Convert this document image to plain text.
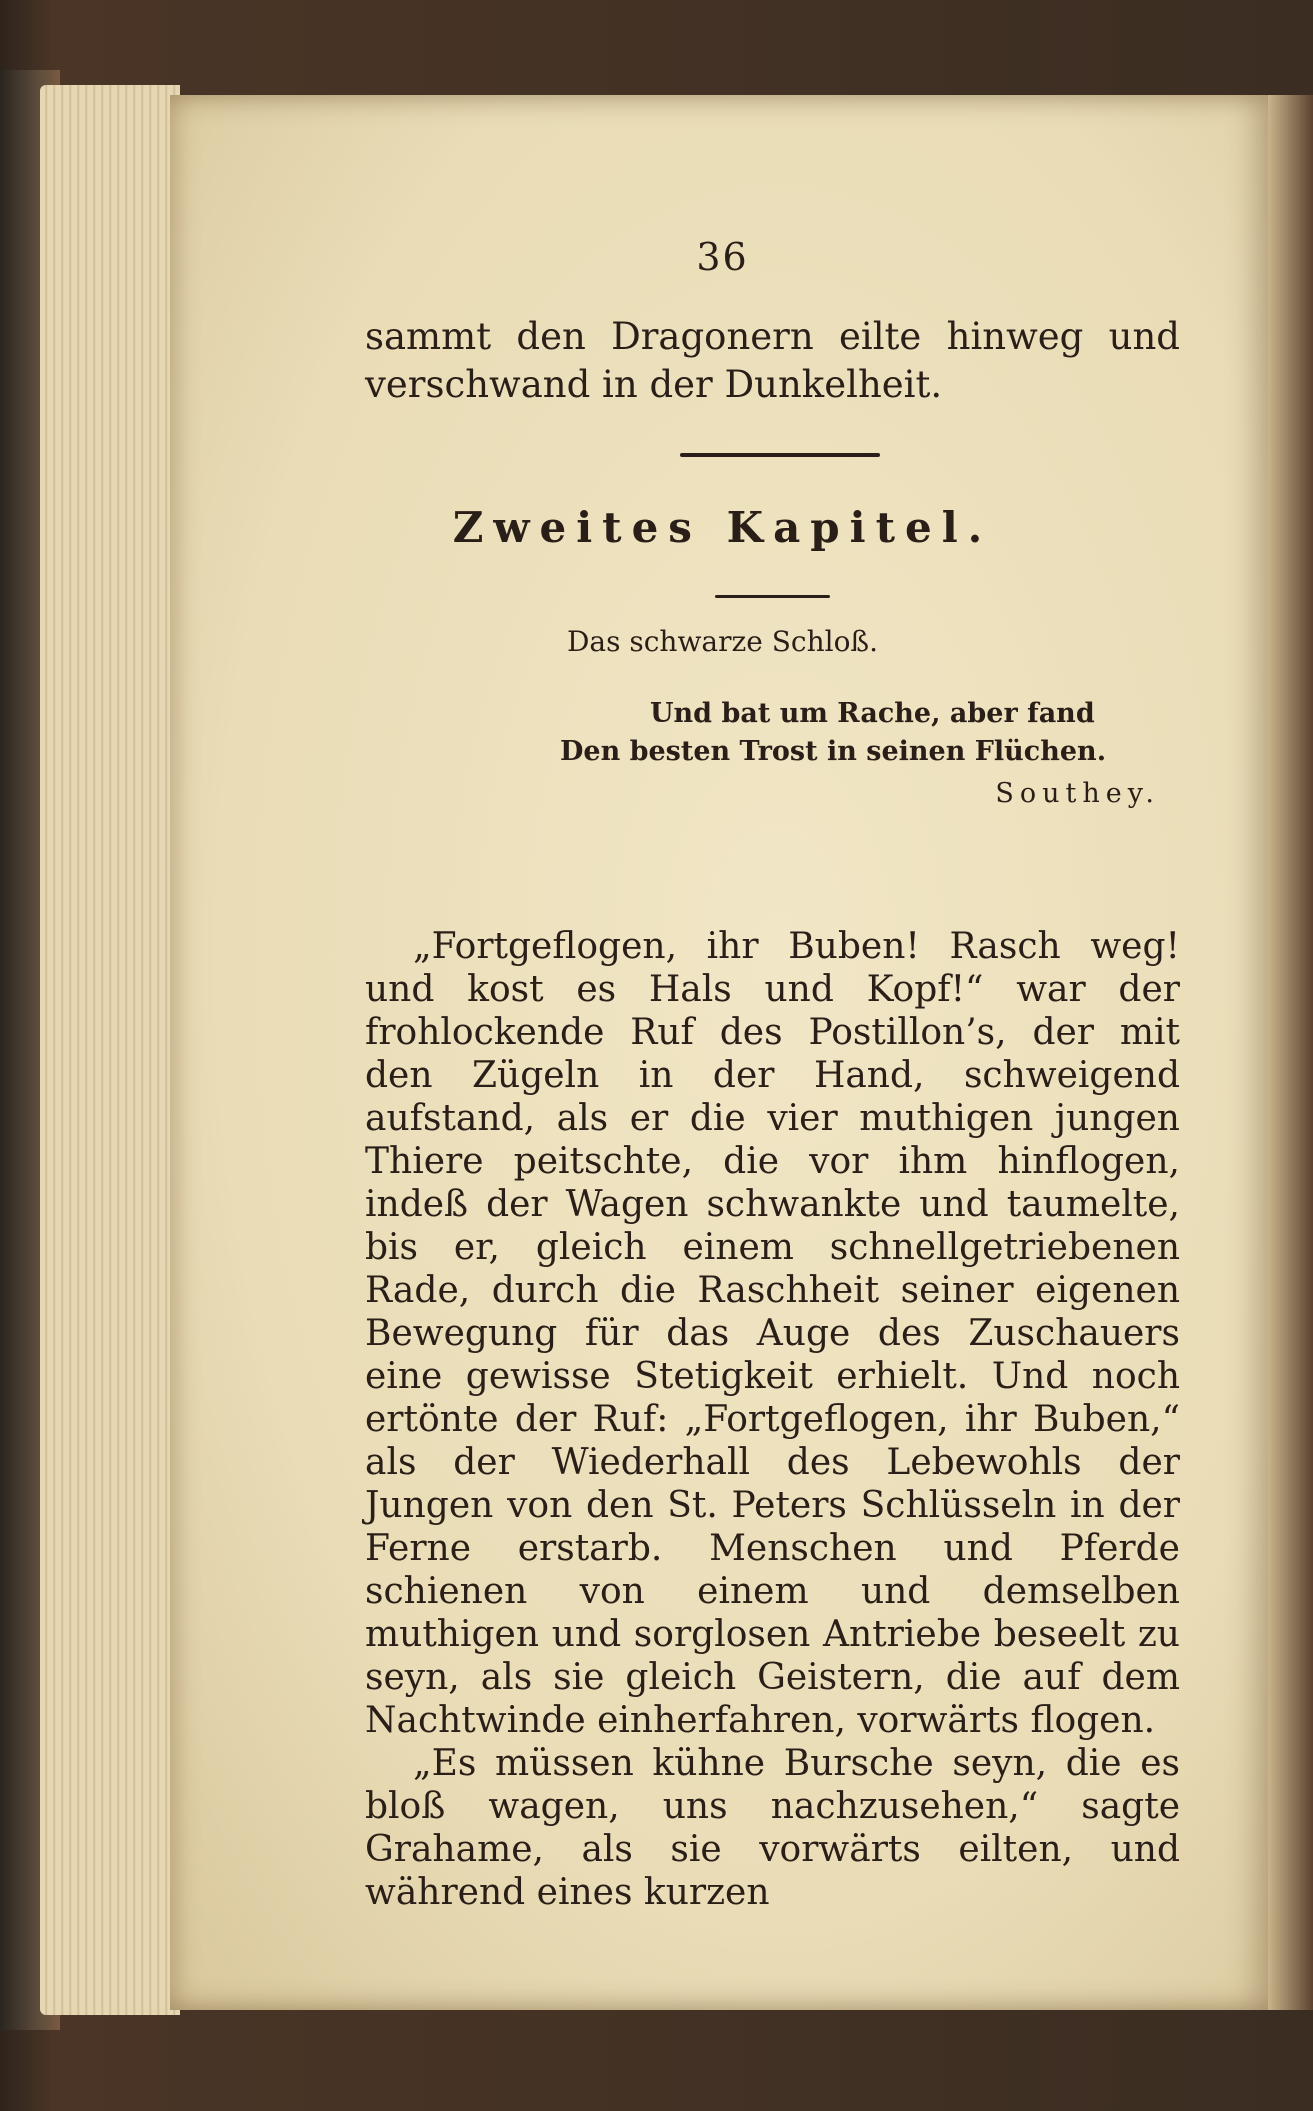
36
sammt den Dragonern eilte hinweg und verschwand in der Dunkelheit.
Zweites Kapitel.
Das schwarze Schloß.
Und bat um Rache, aber fand
Den besten Trost in seinen Flüchen.
Southey.

„Fortgeflogen, ihr Buben! Rasch weg! und kost es Hals und Kopf!“ war der frohlockende Ruf des Postillon’s, der mit den Zügeln in der Hand, schweigend aufstand, als er die vier muthigen jungen Thiere peitschte, die vor ihm hinflogen, indeß der Wagen schwankte und taumelte, bis er, gleich einem schnellgetriebenen Rade, durch die Raschheit seiner eigenen Bewegung für das Auge des Zuschauers eine gewisse Stetigkeit erhielt. Und noch ertönte der Ruf: „Fortgeflogen, ihr Buben,“ als der Wiederhall des Lebewohls der Jungen von den St. Peters Schlüsseln in der Ferne erstarb. Menschen und Pferde schienen von einem und demselben muthigen und sorglosen Antriebe beseelt zu seyn, als sie gleich Geistern, die auf dem Nachtwinde einherfahren, vorwärts flogen.

„Es müssen kühne Bursche seyn, die es bloß wagen, uns nachzusehen,“ sagte Grahame, als sie vorwärts eilten, und während eines kurzen
